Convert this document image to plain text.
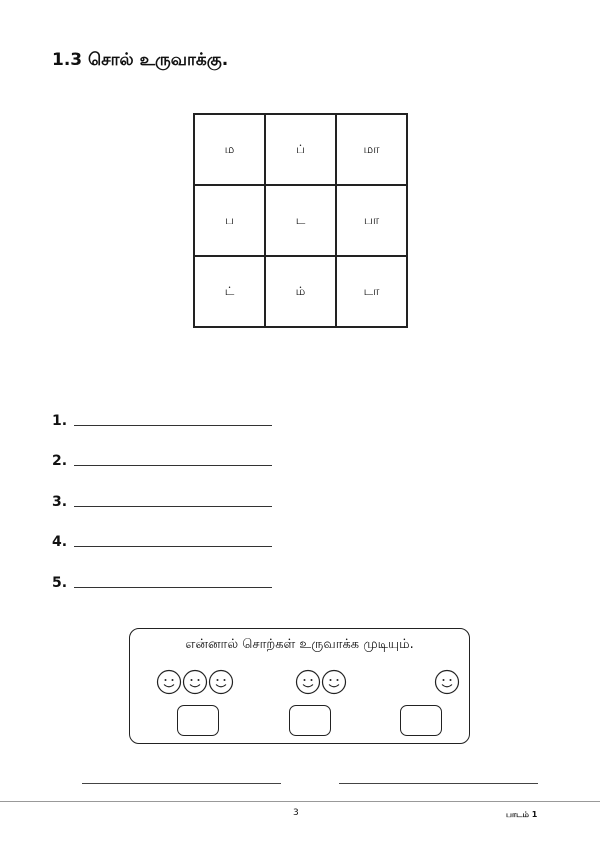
1.3 சொல் உருவாக்கு.
ம	ப்	மா
ப	ட	பா
ட்	ம்	டா
1.
2.
3.
4.
5.
என்னால் சொற்கள் உருவாக்க முடியும்.
3	பாடம் 1
